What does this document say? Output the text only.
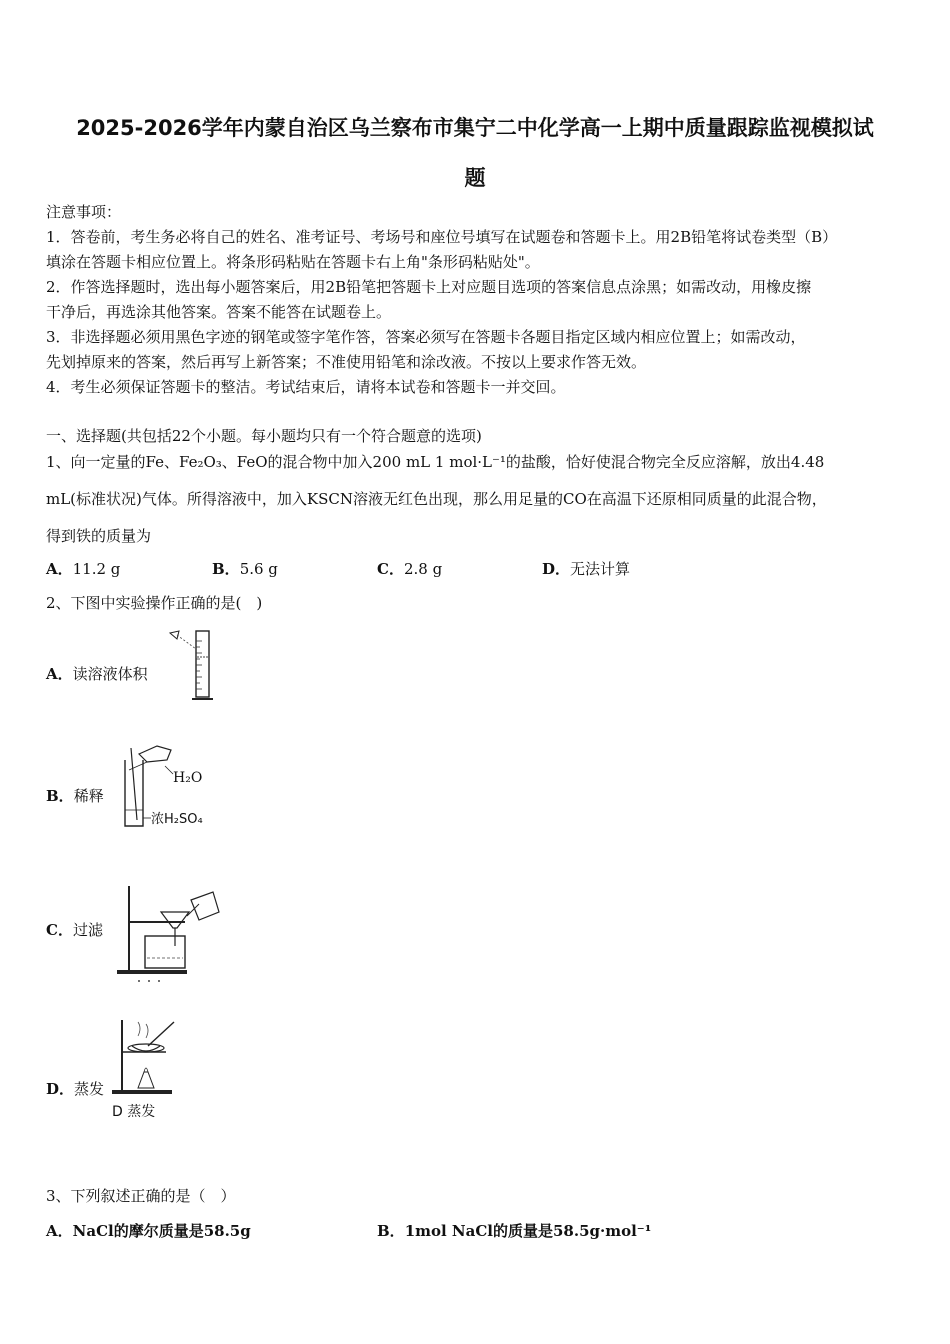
2025-2026学年内蒙自治区乌兰察布市集宁二中化学高一上期中质量跟踪监视模拟试
题
注意事项：
1．答卷前，考生务必将自己的姓名、准考证号、考场号和座位号填写在试题卷和答题卡上。用2B铅笔将试卷类型（B）
填涂在答题卡相应位置上。将条形码粘贴在答题卡右上角"条形码粘贴处"。
2．作答选择题时，选出每小题答案后，用2B铅笔把答题卡上对应题目选项的答案信息点涂黑；如需改动，用橡皮擦
干净后，再选涂其他答案。答案不能答在试题卷上。
3．非选择题必须用黑色字迹的钢笔或签字笔作答，答案必须写在答题卡各题目指定区域内相应位置上；如需改动，
先划掉原来的答案，然后再写上新答案；不准使用铅笔和涂改液。不按以上要求作答无效。
4．考生必须保证答题卡的整洁。考试结束后，请将本试卷和答题卡一并交回。
一、选择题(共包括22个小题。每小题均只有一个符合题意的选项)
1、向一定量的Fe、Fe₂O₃、FeO的混合物中加入200 mL 1 mol·L⁻¹的盐酸，恰好使混合物完全反应溶解，放出4.48
mL(标准状况)气体。所得溶液中，加入KSCN溶液无红色出现，那么用足量的CO在高温下还原相同质量的此混合物，
得到铁的质量为
A．11.2 g	B．5.6 g	C．2.8 g	D．无法计算
2、下图中实验操作正确的是(　)
A．读溶液体积
B．稀释
H₂O
浓H₂SO₄
C．过滤
D．蒸发
D 蒸发
3、下列叙述正确的是（　）
A．NaCl的摩尔质量是58.5g	B．1mol NaCl的质量是58.5g·mol⁻¹
